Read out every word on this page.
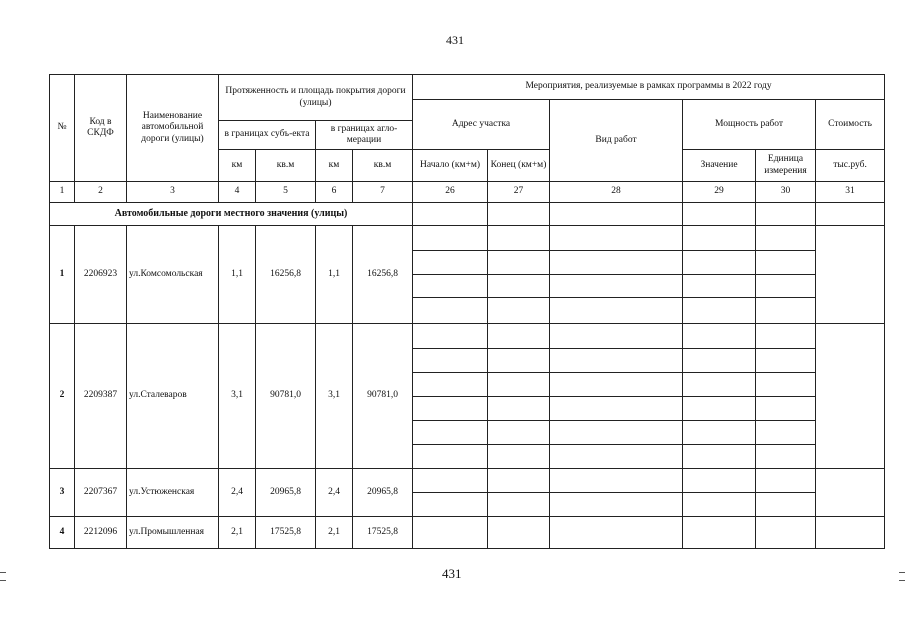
431
№	Код в СКДФ	Наименование автомобильной дороги (улицы)	Протяженность и площадь покрытия дороги (улицы)				Мероприятия, реализуемые в рамках программы в 2022 году					
							Адрес участка		Вид работ	Мощность работ		Стоимость
			в границах субъ-екта		в границах агло-мерации							
			км	кв.м	км	кв.м	Начало (км+м)	Конец (км+м)		Значение	Единица измерения	тыс.руб.
1	2	3	4	5	6	7	26	27	28	29	30	31
Автомобильные дороги местного значения (улицы)												
1	2206923	ул.Комсомольская	1,1	16256,8	1,1	16256,8						

2	2209387	ул.Сталеваров	3,1	90781,0	3,1	90781,0						

3	2207367	ул.Устюженская	2,4	20965,8	2,4	20965,8						

4	2212096	ул.Промышленная	2,1	17525,8	2,1	17525,8						
431
